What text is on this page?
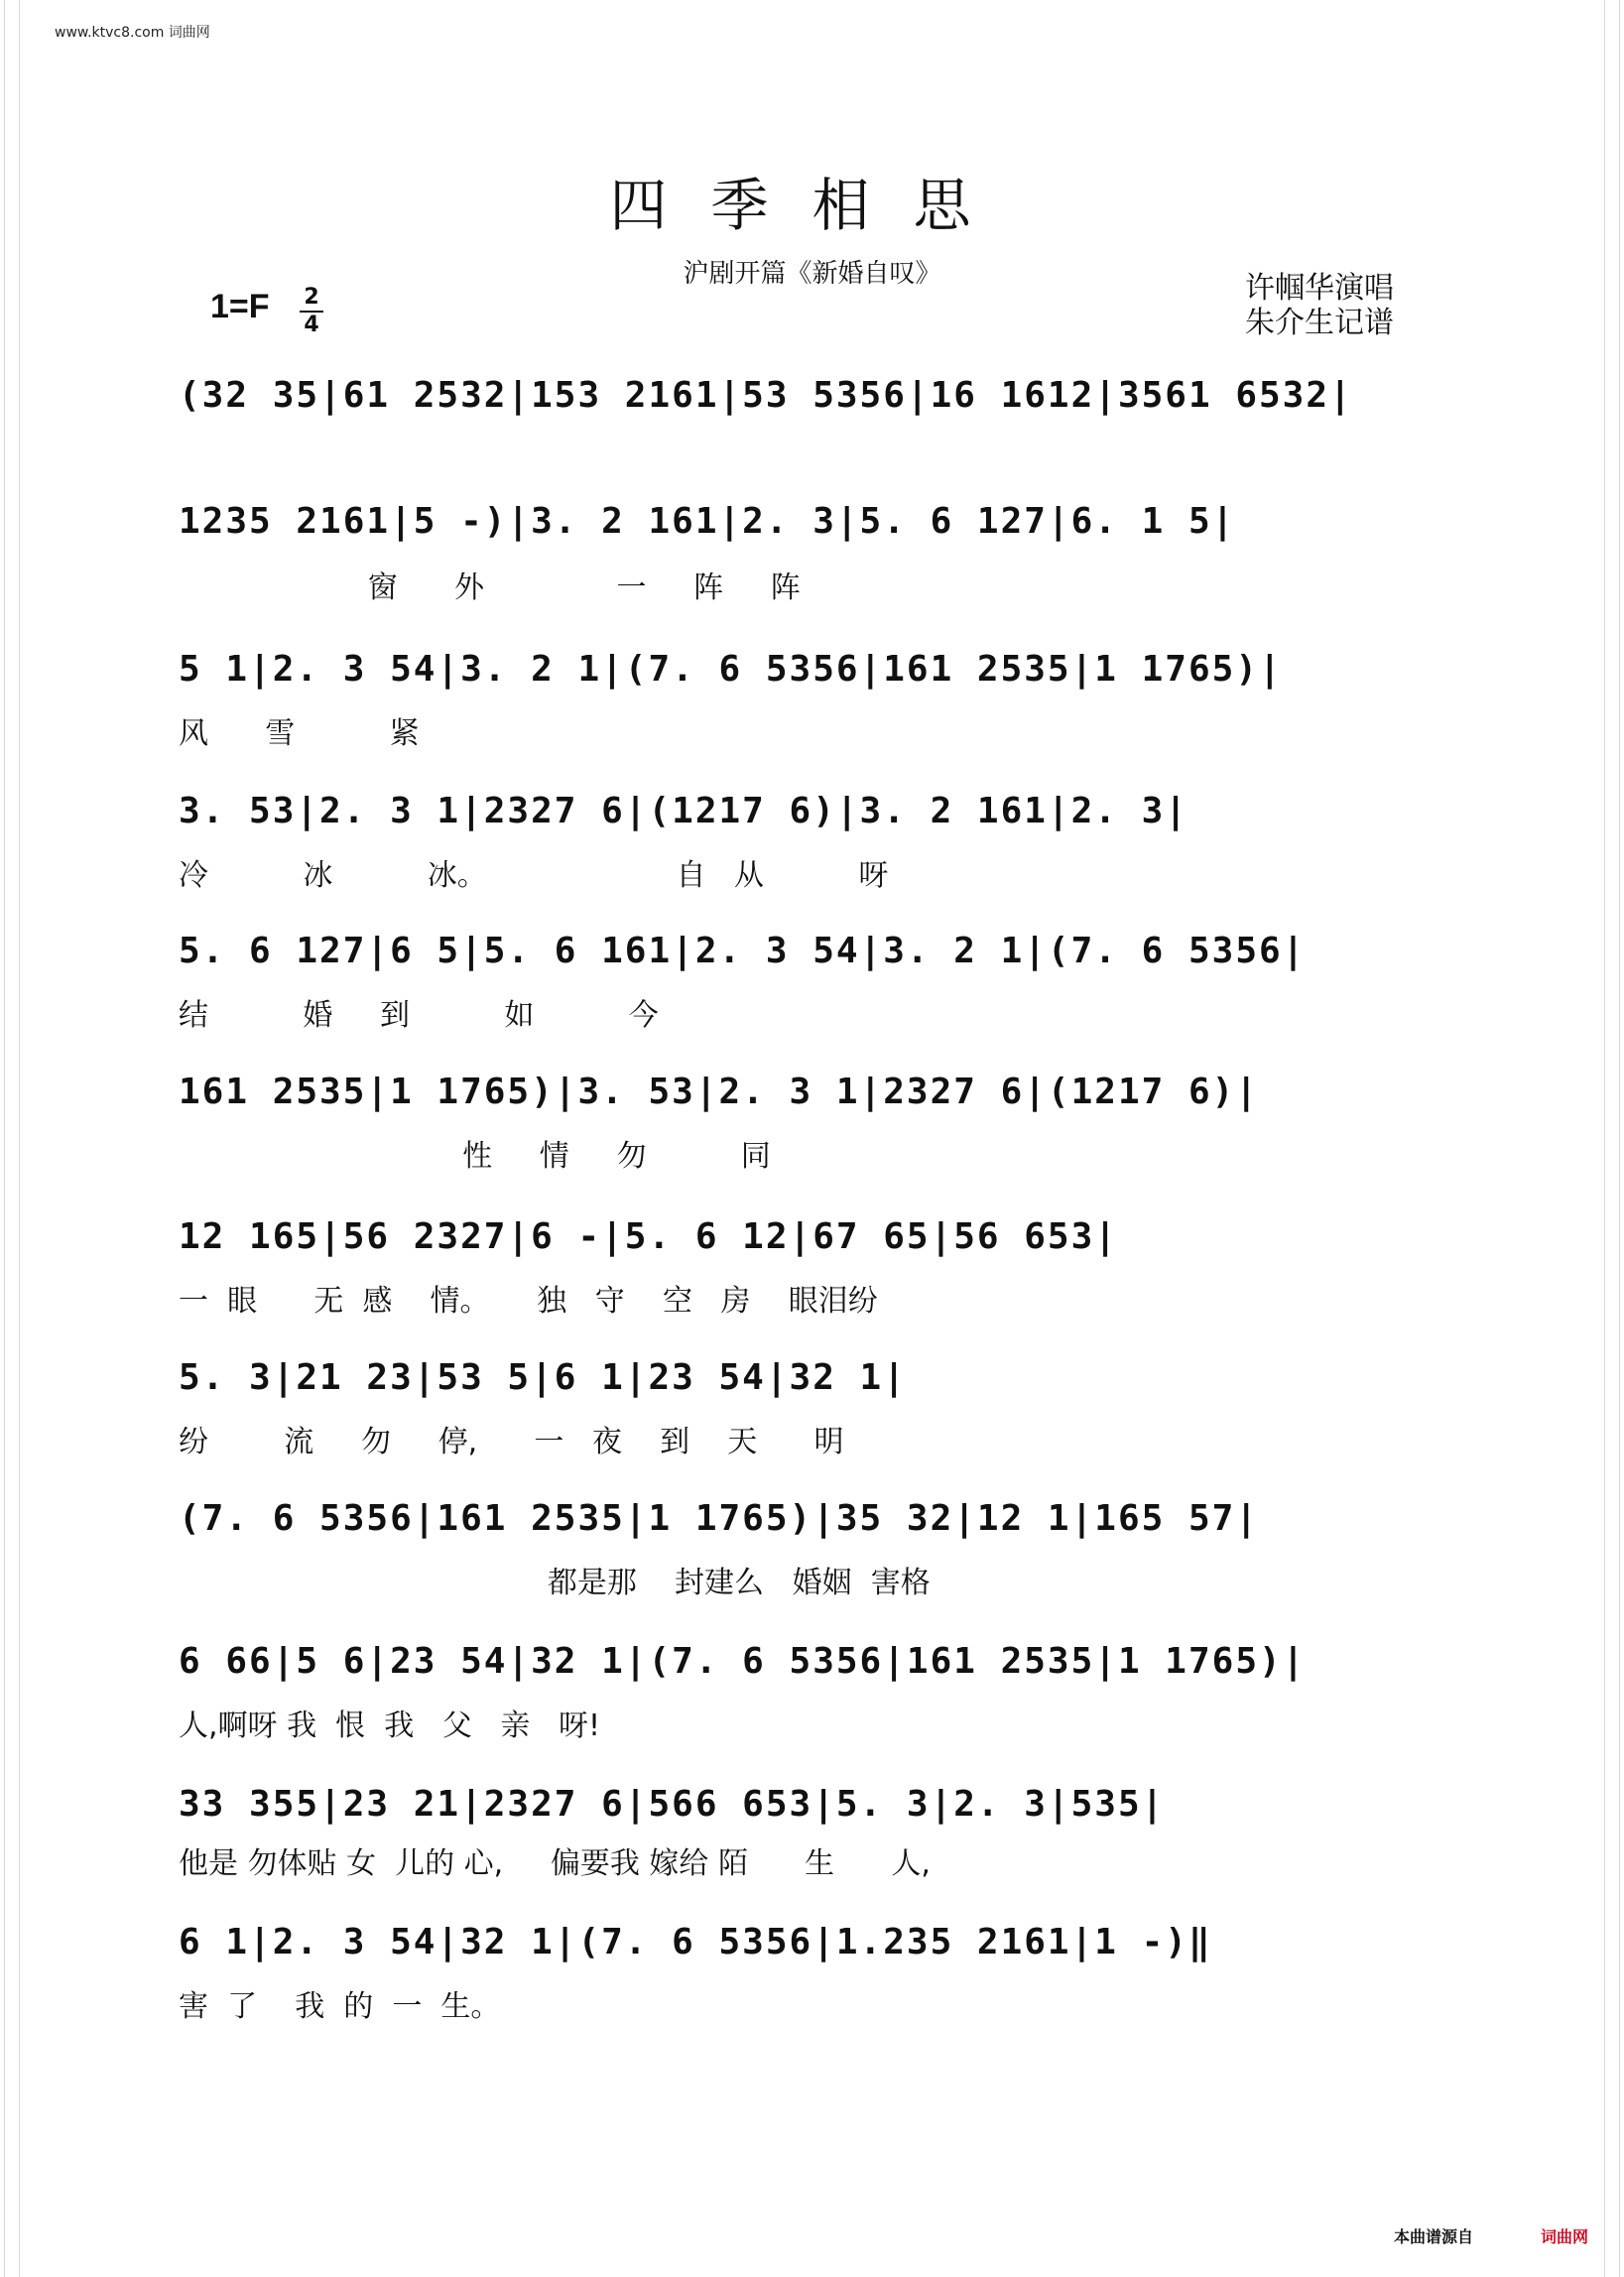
www.ktvc8.com 词曲网
四季相思
沪剧开篇《新婚自叹》	许帼华演唱
朱介生记谱
1=F 2
4
(32 35|61 2532|153 2161|53 5356|16 1612|3561 6532|
1235 2161|5 -)|3. 2 161|2. 3|5. 6 127|6. 1 5|
窗      外              一     阵     阵
5 1|2. 3 54|3. 2 1|(7. 6 5356|161 2535|1 1765)|
风      雪          紧
3. 53|2. 3 1|2327 6|(1217 6)|3. 2 161|2. 3|
冷          冰          冰。                    自   从          呀
5. 6 127|6 5|5. 6 161|2. 3 54|3. 2 1|(7. 6 5356|
结          婚     到          如          今
161 2535|1 1765)|3. 53|2. 3 1|2327 6|(1217 6)|
性     情     勿          同
12 165|56 2327|6 -|5. 6 12|67 65|56 653|
一  眼      无  感    情。     独   守    空   房    眼泪纷
5. 3|21 23|53 5|6 1|23 54|32 1|
纷        流     勿     停,      一   夜    到    天      明
(7. 6 5356|161 2535|1 1765)|35 32|12 1|165 57|
都是那    封建么   婚姻  害格
6 66|5 6|23 54|32 1|(7. 6 5356|161 2535|1 1765)|
人,啊呀 我  恨  我   父   亲   呀!
33 355|23 21|2327 6|566 653|5. 3|2. 3|535|
他是 勿体贴 女  儿的 心,     偏要我 嫁给 陌      生      人,
6 1|2. 3 54|32 1|(7. 6 5356|1.235 2161|1 -)‖
害  了    我  的  一  生。
本曲谱源自	词曲网
